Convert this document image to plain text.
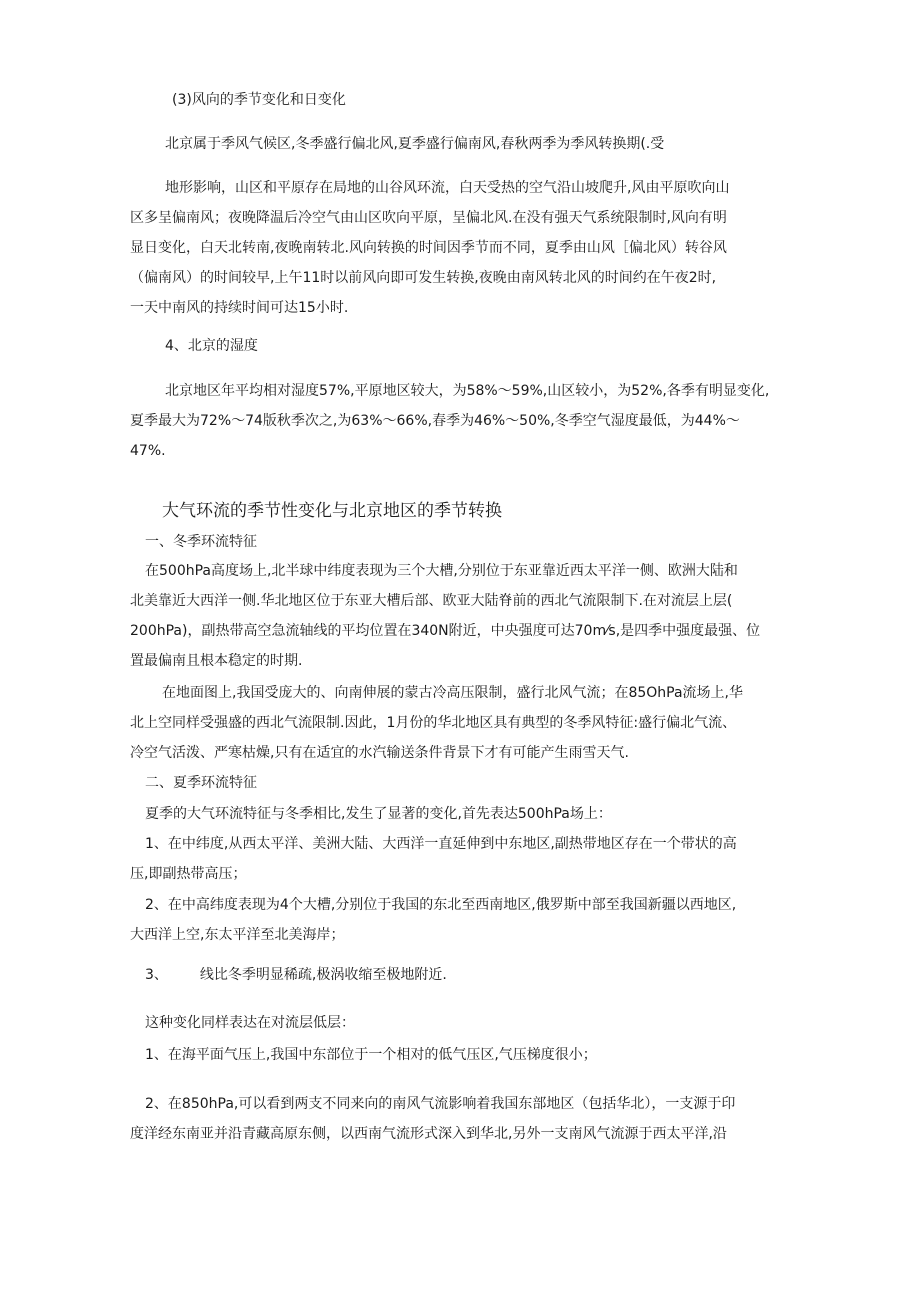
(3)风向的季节变化和日变化

北京属于季风气候区,冬季盛行偏北风,夏季盛行偏南风,春秋两季为季风转换期(.受

地形影响，山区和平原存在局地的山谷风环流，白天受热的空气沿山坡爬升,风由平原吹向山

区多呈偏南风；夜晚降温后冷空气由山区吹向平原，呈偏北风.在没有强天气系统限制时,风向有明

显日变化，白天北转南,夜晚南转北.风向转换的时间因季节而不同，夏季由山风［偏北风）转谷风

（偏南风）的时间较早,上午11时以前风向即可发生转换,夜晚由南风转北风的时间约在午夜2时,

一天中南风的持续时间可达15小时.

4、北京的湿度

北京地区年平均相对湿度57%,平原地区较大，为58%～59%,山区较小，为52%,各季有明显变化,

夏季最大为72%～74版秋季次之,为63%～66%,春季为46%～50%,冬季空气湿度最低，为44%～

47%.

大气环流的季节性变化与北京地区的季节转换

一、冬季环流特征

在500hPa高度场上,北半球中纬度表现为三个大槽,分别位于东亚靠近西太平洋一侧、欧洲大陆和

北美靠近大西洋一侧.华北地区位于东亚大槽后部、欧亚大陆脊前的西北气流限制下.在对流层上层(

200hPa)，副热带高空急流轴线的平均位置在340N附近，中央强度可达70m⁄s,是四季中强度最强、位

置最偏南且根本稳定的时期.

在地面图上,我国受庞大的、向南伸展的蒙古冷高压限制，盛行北风气流；在85OhPa流场上,华

北上空同样受强盛的西北气流限制.因此，1月份的华北地区具有典型的冬季风特征:盛行偏北气流、

冷空气活泼、严寒枯燥,只有在适宜的水汽输送条件背景下才有可能产生雨雪天气.

二、夏季环流特征

夏季的大气环流特征与冬季相比,发生了显著的变化,首先表达500hPa场上：

1、在中纬度,从西太平洋、美洲大陆、大西洋一直延伸到中东地区,副热带地区存在一个带状的高

压,即副热带高压；

2、在中高纬度表现为4个大槽,分别位于我国的东北至西南地区,俄罗斯中部至我国新疆以西地区,

大西洋上空,东太平洋至北美海岸；

3、 线比冬季明显稀疏,极涡收缩至极地附近.

这种变化同样表达在对流层低层：

1、在海平面气压上,我国中东部位于一个相对的低气压区,气压梯度很小；

2、在850hPa,可以看到两支不同来向的南风气流影响着我国东部地区（包括华北），一支源于印

度洋经东南亚并沿青藏高原东侧，以西南气流形式深入到华北,另外一支南风气流源于西太平洋,沿
